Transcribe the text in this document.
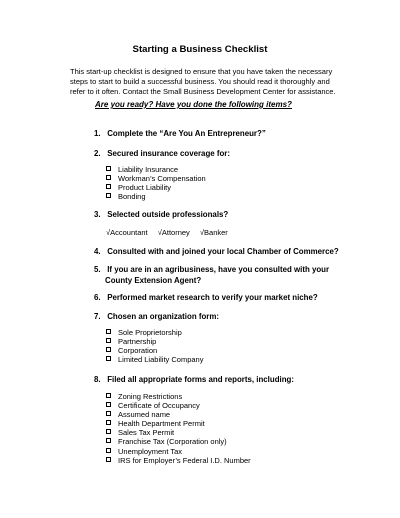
Starting a Business Checklist
This start-up checklist is designed to ensure that you have taken the necessary
steps to start to build a successful business. You should read it thoroughly and
refer to it often. Contact the Small Business Development Center for assistance.
Are you ready? Have you done the following items?
1. Complete the “Are You An Entrepreneur?”
2. Secured insurance coverage for:
Liability Insurance
Workman’s Compensation
Product Liability
Bonding
3. Selected outside professionals?
√Accountant √Attorney √Banker
4. Consulted with and joined your local Chamber of Commerce?
5. If you are in an agribusiness, have you consulted with your
County Extension Agent?
6. Performed market research to verify your market niche?
7. Chosen an organization form:
Sole Proprietorship
Partnership
Corporation
Limited Liability Company
8. Filed all appropriate forms and reports, including:
Zoning Restrictions
Certificate of Occupancy
Assumed name
Health Department Permit
Sales Tax Permit
Franchise Tax (Corporation only)
Unemployment Tax
IRS for Employer’s Federal I.D. Number
